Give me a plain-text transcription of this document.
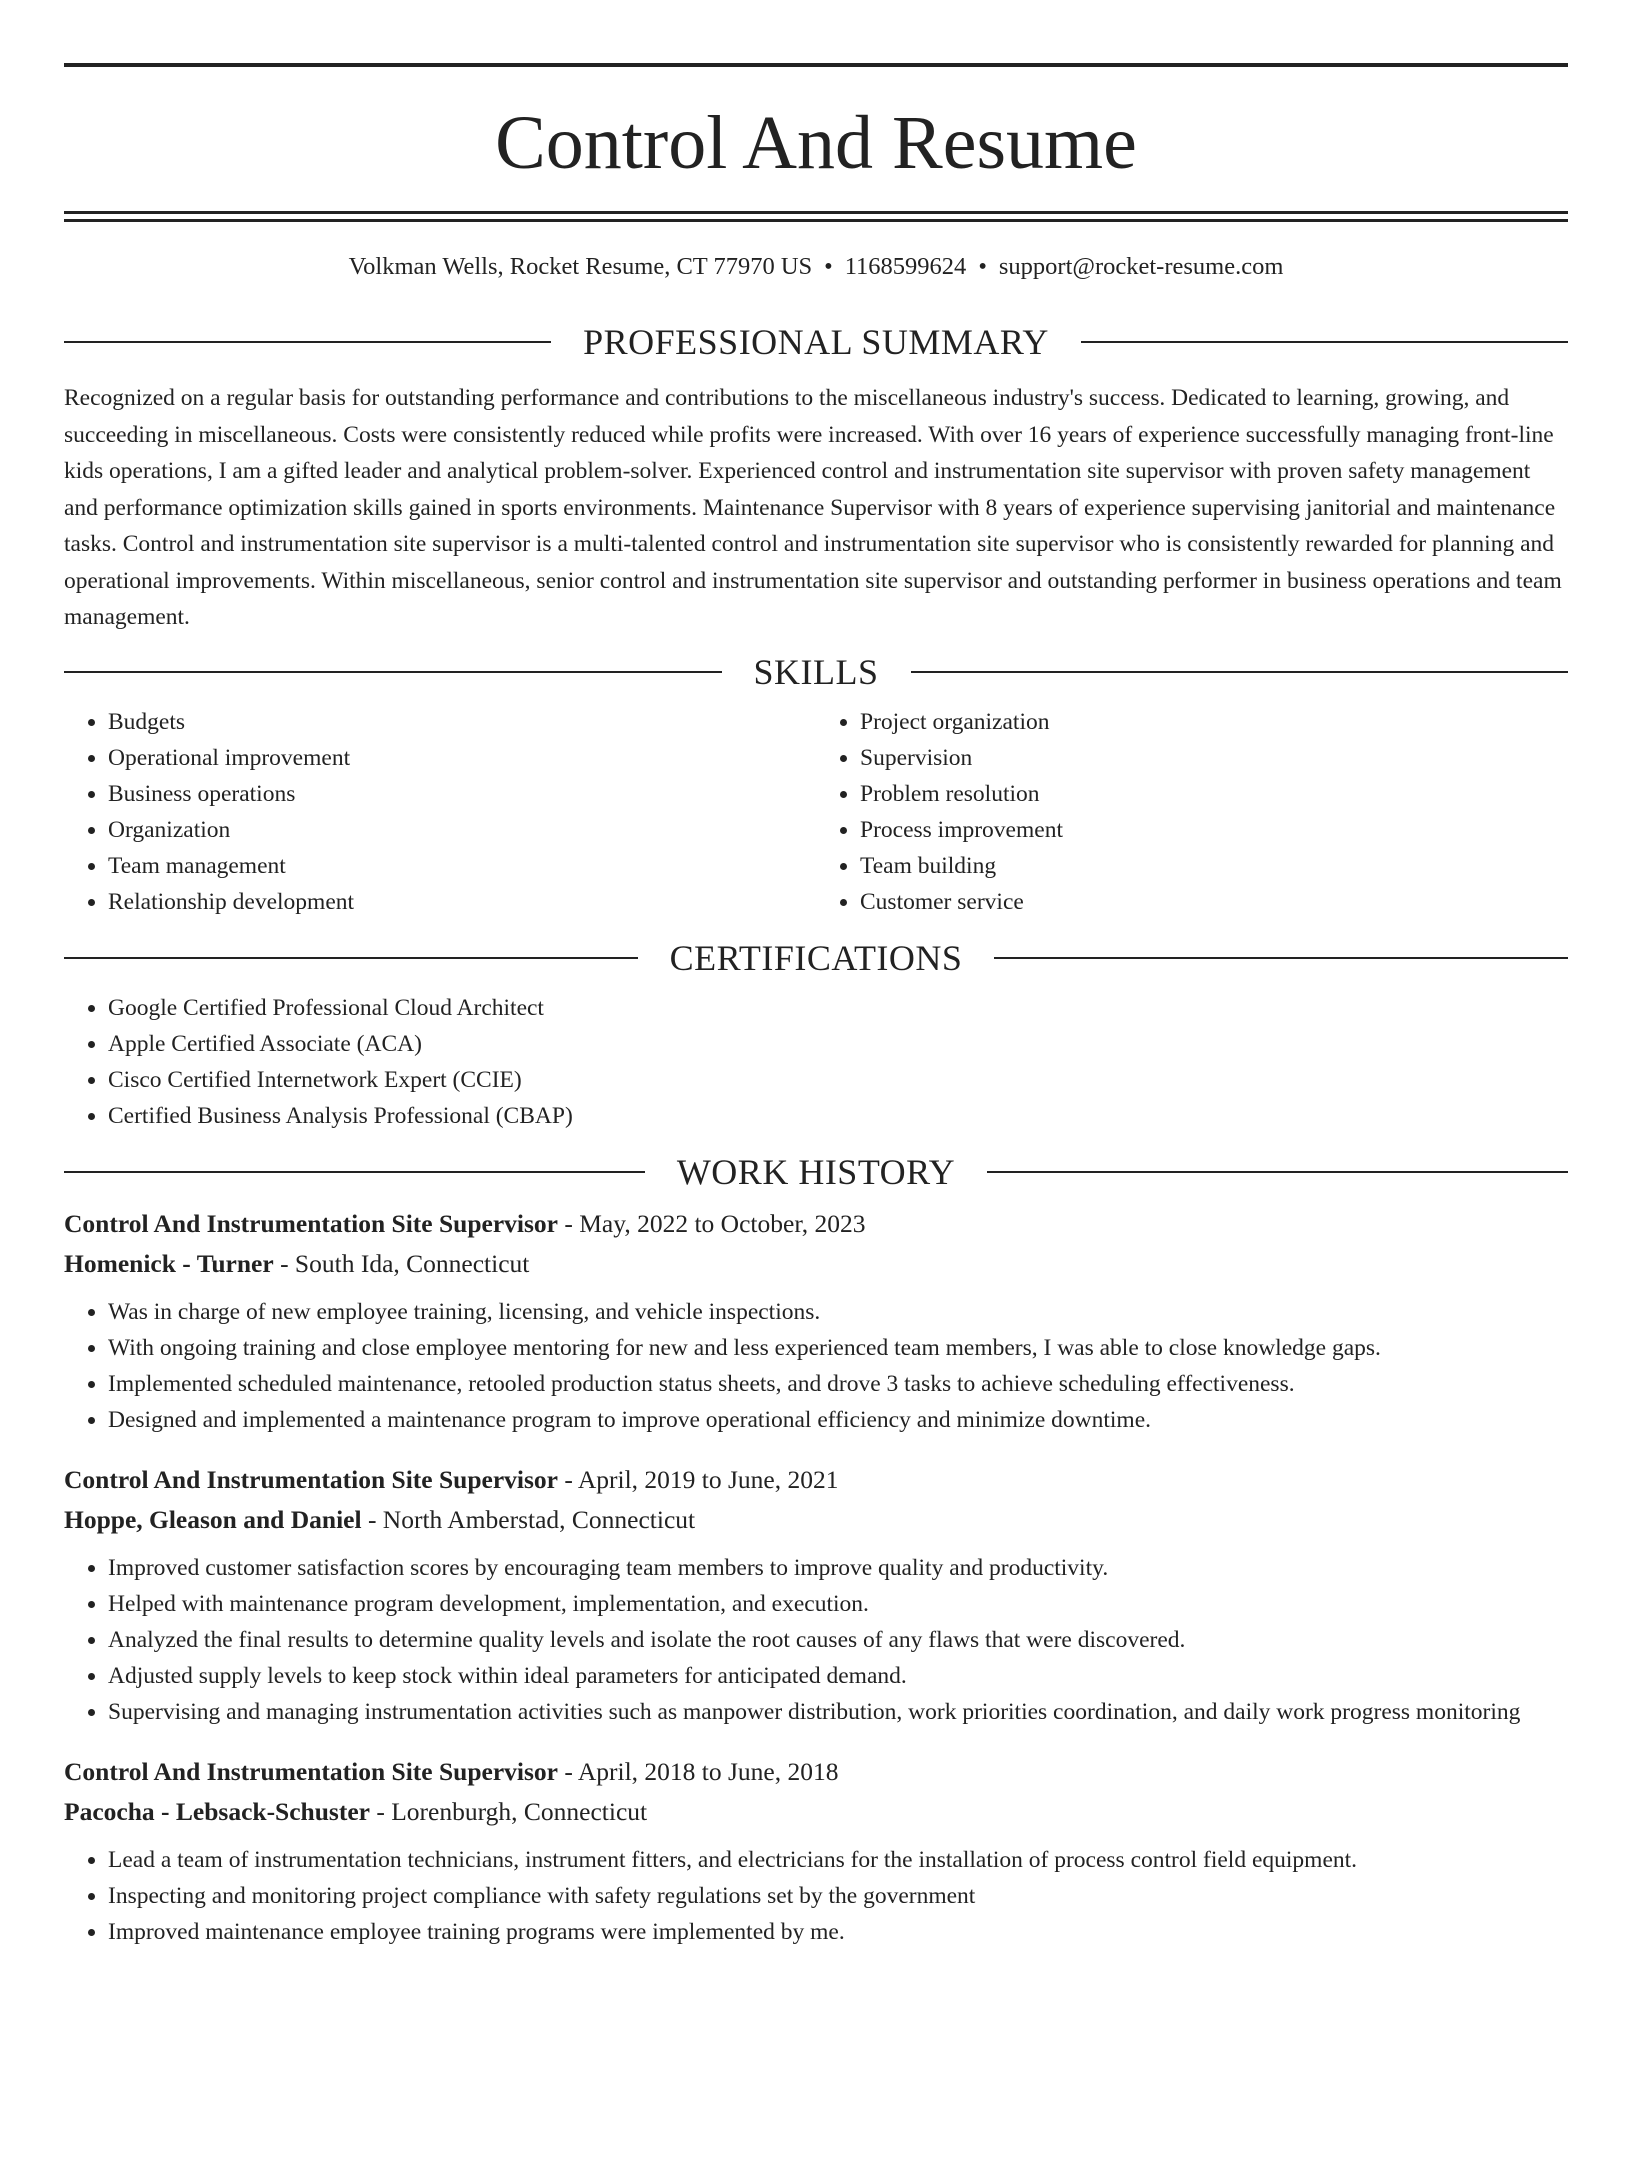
Control And Resume
Volkman Wells, Rocket Resume, CT 77970 US • 1168599624 • support@rocket-resume.com
PROFESSIONAL SUMMARY

Recognized on a regular basis for outstanding performance and contributions to the miscellaneous industry's success. Dedicated to learning, growing, and succeeding in miscellaneous. Costs were consistently reduced while profits were increased. With over 16 years of experience successfully managing front-line kids operations, I am a gifted leader and analytical problem-solver. Experienced control and instrumentation site supervisor with proven safety management and performance optimization skills gained in sports environments. Maintenance Supervisor with 8 years of experience supervising janitorial and maintenance tasks. Control and instrumentation site supervisor is a multi-talented control and instrumentation site supervisor who is consistently rewarded for planning and operational improvements. Within miscellaneous, senior control and instrumentation site supervisor and outstanding performer in business operations and team management.

SKILLS
• Budgets
• Operational improvement
• Business operations
• Organization
• Team management
• Relationship development
• Project organization
• Supervision
• Problem resolution
• Process improvement
• Team building
• Customer service
CERTIFICATIONS
• Google Certified Professional Cloud Architect
• Apple Certified Associate (ACA)
• Cisco Certified Internetwork Expert (CCIE)
• Certified Business Analysis Professional (CBAP)
WORK HISTORY
Control And Instrumentation Site Supervisor - May, 2022 to October, 2023
Homenick - Turner - South Ida, Connecticut
• Was in charge of new employee training, licensing, and vehicle inspections.
• With ongoing training and close employee mentoring for new and less experienced team members, I was able to close knowledge gaps.
• Implemented scheduled maintenance, retooled production status sheets, and drove 3 tasks to achieve scheduling effectiveness.
• Designed and implemented a maintenance program to improve operational efficiency and minimize downtime.
Control And Instrumentation Site Supervisor - April, 2019 to June, 2021
Hoppe, Gleason and Daniel - North Amberstad, Connecticut
• Improved customer satisfaction scores by encouraging team members to improve quality and productivity.
• Helped with maintenance program development, implementation, and execution.
• Analyzed the final results to determine quality levels and isolate the root causes of any flaws that were discovered.
• Adjusted supply levels to keep stock within ideal parameters for anticipated demand.
• Supervising and managing instrumentation activities such as manpower distribution, work priorities coordination, and daily work progress monitoring
Control And Instrumentation Site Supervisor - April, 2018 to June, 2018
Pacocha - Lebsack-Schuster - Lorenburgh, Connecticut
• Lead a team of instrumentation technicians, instrument fitters, and electricians for the installation of process control field equipment.
• Inspecting and monitoring project compliance with safety regulations set by the government
• Improved maintenance employee training programs were implemented by me.
